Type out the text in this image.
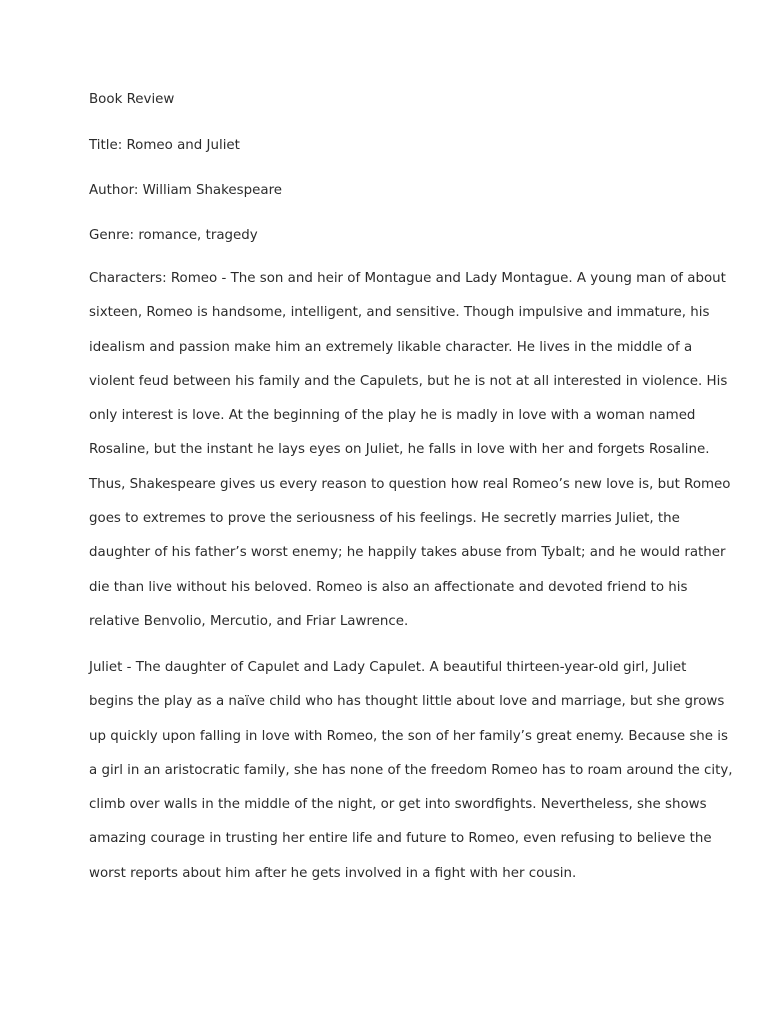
Book Review
Title: Romeo and Juliet
Author: William Shakespeare
Genre: romance, tragedy

Characters: Romeo - The son and heir of Montague and Lady Montague. A young man of about
sixteen, Romeo is handsome, intelligent, and sensitive. Though impulsive and immature, his
idealism and passion make him an extremely likable character. He lives in the middle of a
violent feud between his family and the Capulets, but he is not at all interested in violence. His
only interest is love. At the beginning of the play he is madly in love with a woman named
Rosaline, but the instant he lays eyes on Juliet, he falls in love with her and forgets Rosaline.
Thus, Shakespeare gives us every reason to question how real Romeo’s new love is, but Romeo
goes to extremes to prove the seriousness of his feelings. He secretly marries Juliet, the
daughter of his father’s worst enemy; he happily takes abuse from Tybalt; and he would rather
die than live without his beloved. Romeo is also an affectionate and devoted friend to his
relative Benvolio, Mercutio, and Friar Lawrence.

Juliet - The daughter of Capulet and Lady Capulet. A beautiful thirteen-year-old girl, Juliet
begins the play as a naïve child who has thought little about love and marriage, but she grows
up quickly upon falling in love with Romeo, the son of her family’s great enemy. Because she is
a girl in an aristocratic family, she has none of the freedom Romeo has to roam around the city,
climb over walls in the middle of the night, or get into swordfights. Nevertheless, she shows
amazing courage in trusting her entire life and future to Romeo, even refusing to believe the
worst reports about him after he gets involved in a fight with her cousin.
